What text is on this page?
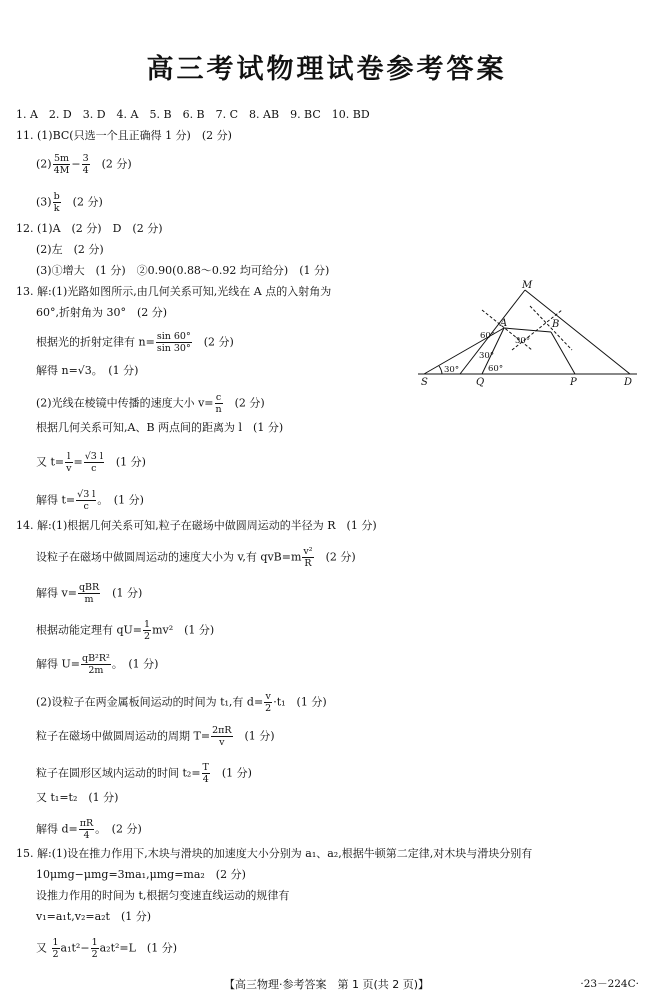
高三考试物理试卷参考答案
1. A　2. D　3. D　4. A　5. B　6. B　7. C　8. AB　9. BC　10. BD
11. (1)BC(只选一个且正确得 1 分)　(2 分)
$(2) \frac{5m}{4M} - \frac{3}{4}$ 　(2 分)
$(3) \frac{b}{k}$ 　(2 分)
12. (1)A　(2 分)　D　(2 分)
(2)左　(2 分)
(3)①增大　(1 分)　②0.90(0.88～0.92 均可给分)　(1 分)
13. 解:(1)光路如图所示,由几何关系可知,光线在 A 点的入射角为
60°,折射角为 30°　(2 分)
根据光的折射定律有 $n= \frac{\sin 60^\circ}{\sin 30^\circ}$ 　(2 分)
解得 n=√3。　(1 分)
(2)光线在棱镜中传播的速度大小 $v= \frac{c}{n}$ 　(2 分)
根据几何关系可知,A、B 两点间的距离为 l　(1 分)
又 $t= \frac{l}{v} = \frac{√3 l}{c}$ 　(1 分)
解得 $t= \frac{√3 l}{c}$ 。　(1 分)
14. 解:(1)根据几何关系可知,粒子在磁场中做圆周运动的半径为 R　(1 分)
设粒子在磁场中做圆周运动的速度大小为 v,有 $qvB=m \frac{\text{v²}}{R}$ 　(2 分)
解得 $v= \frac{\text{qBR}}{m}$ 　(1 分)
根据动能定理有 $qU= \frac{1}{2} mv^2$　(1 分)
解得 $U= \frac{\text{qB²R²}}{2m}$ 。　(1 分)
(2)设粒子在两金属板间运动的时间为 t₁,有 $d= \frac{v}{2} \cdot t_1$　(1 分)
粒子在磁场中做圆周运动的周期 $T= \frac{2\pi R}{v}$ 　(1 分)
粒子在圆形区域内运动的时间 $t_2= \frac{T}{4}$ 　(1 分)
又 t₁=t₂　(1 分)
解得 $d= \frac{\pi R}{4}$ 。　(2 分)
15. 解:(1)设在推力作用下,木块与滑块的加速度大小分别为 a₁、a₂,根据牛顿第二定律,对木块与滑块分别有
10μmg−μmg=3ma₁,μmg=ma₂　(2 分)
设推力作用的时间为 t,根据匀变速直线运动的规律有
v₁=a₁t,v₂=a₂t　(1 分)
又 $\frac{1}{2} a_1t^2- \frac{1}{2} a_2t^2=L$　(1 分)
M
A	B
S	Q	P	D
60° 30°
30°
30°	60°
【高三物理·参考答案　第 1 页(共 2 页)】	·23－224C·
